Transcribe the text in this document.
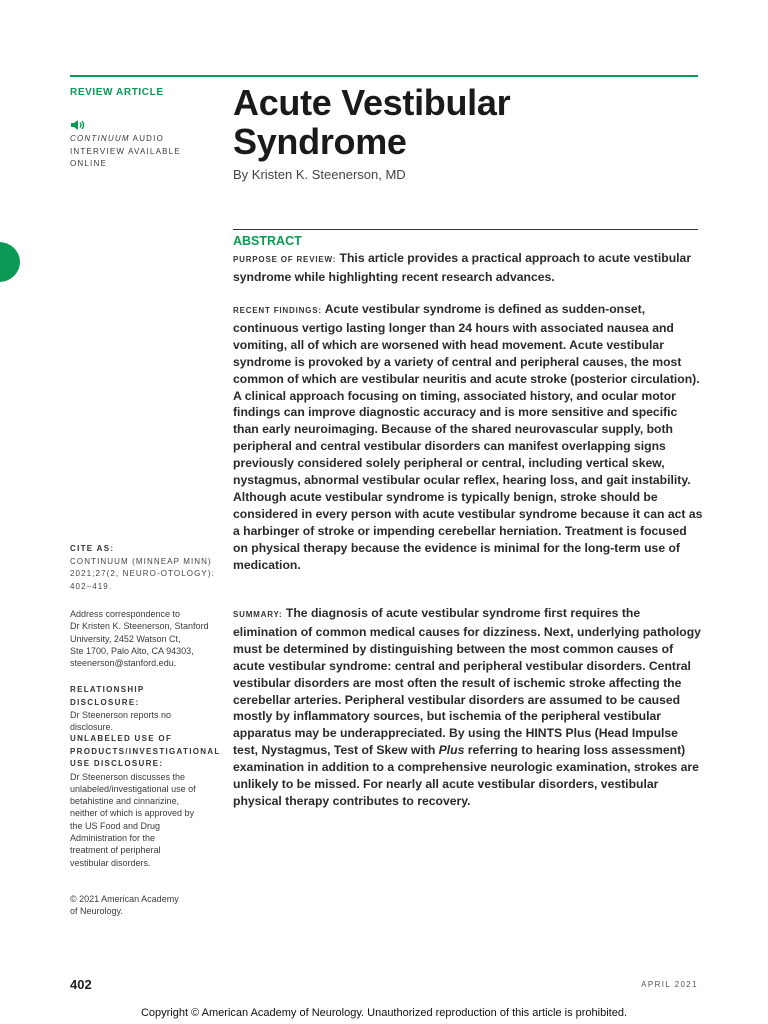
REVIEW ARTICLE
CONTINUUM AUDIO
INTERVIEW AVAILABLE
ONLINE
CITE AS:
CONTINUUM (MINNEAP MINN)
2021;27(2, NEURO-OTOLOGY):
402–419.
Address correspondence to
Dr Kristen K. Steenerson, Stanford
University, 2452 Watson Ct,
Ste 1700, Palo Alto, CA 94303,
steenerson@stanford.edu.
RELATIONSHIP DISCLOSURE:
Dr Steenerson reports no
disclosure.
UNLABELED USE OF
PRODUCTS/INVESTIGATIONAL
USE DISCLOSURE:
Dr Steenerson discusses the
unlabeled/investigational use of
betahistine and cinnarizine,
neither of which is approved by
the US Food and Drug
Administration for the
treatment of peripheral
vestibular disorders.
© 2021 American Academy
of Neurology.
Acute Vestibular
Syndrome
By Kristen K. Steenerson, MD
ABSTRACT

PURPOSE OF REVIEW: This article provides a practical approach to acute vestibular syndrome while highlighting recent research advances.

RECENT FINDINGS: Acute vestibular syndrome is defined as sudden-onset, continuous vertigo lasting longer than 24 hours with associated nausea and vomiting, all of which are worsened with head movement. Acute vestibular syndrome is provoked by a variety of central and peripheral causes, the most common of which are vestibular neuritis and acute stroke (posterior circulation). A clinical approach focusing on timing, associated history, and ocular motor findings can improve diagnostic accuracy and is more sensitive and specific than early neuroimaging. Because of the shared neurovascular supply, both peripheral and central vestibular disorders can manifest overlapping signs previously considered solely peripheral or central, including vertical skew, nystagmus, abnormal vestibular ocular reflex, hearing loss, and gait instability. Although acute vestibular syndrome is typically benign, stroke should be considered in every person with acute vestibular syndrome because it can act as a harbinger of stroke or impending cerebellar herniation. Treatment is focused on physical therapy because the evidence is minimal for the long-term use of medication.

SUMMARY: The diagnosis of acute vestibular syndrome first requires the elimination of common medical causes for dizziness. Next, underlying pathology must be determined by distinguishing between the most common causes of acute vestibular syndrome: central and peripheral vestibular disorders. Central vestibular disorders are most often the result of ischemic stroke affecting the cerebellar arteries. Peripheral vestibular disorders are assumed to be caused mostly by inflammatory sources, but ischemia of the peripheral vestibular apparatus may be underappreciated. By using the HINTS Plus (Head Impulse test, Nystagmus, Test of Skew with Plus referring to hearing loss assessment) examination in addition to a comprehensive neurologic examination, strokes are unlikely to be missed. For nearly all acute vestibular disorders, vestibular physical therapy contributes to recovery.

402	APRIL 2021
Copyright © American Academy of Neurology. Unauthorized reproduction of this article is prohibited.
